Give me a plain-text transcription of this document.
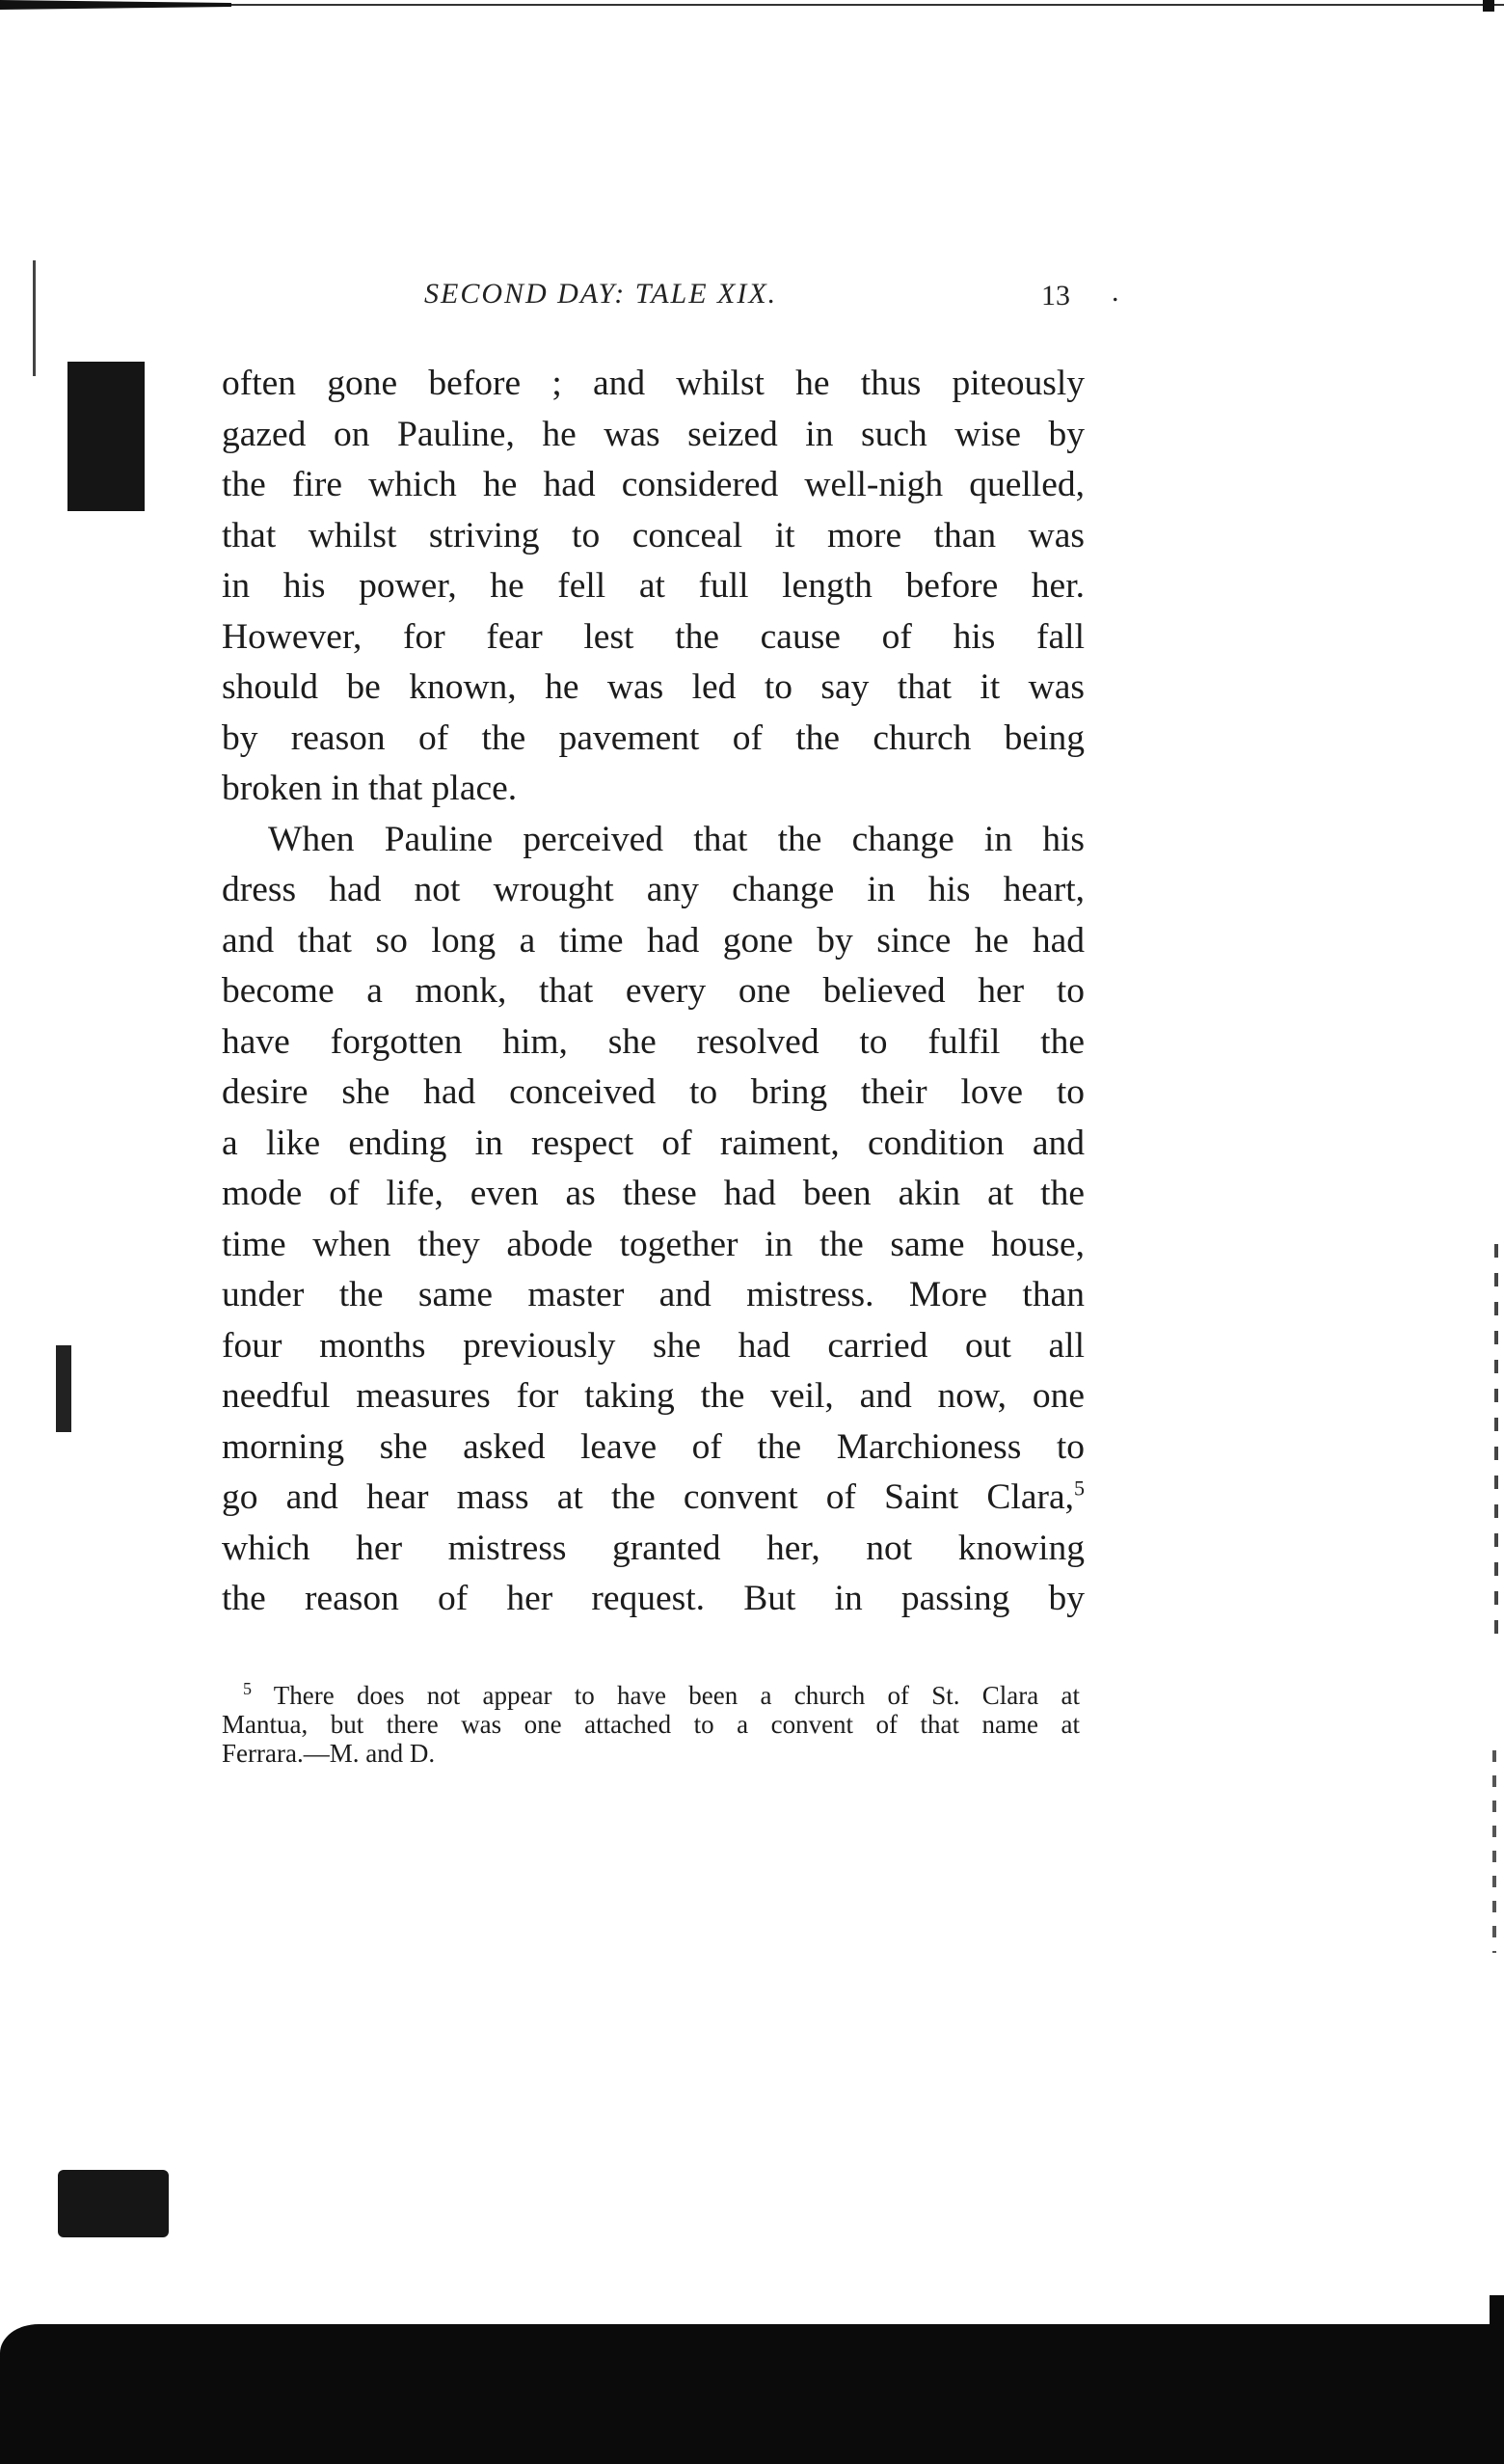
SECOND DAY: TALE XIX.	13 .
often gone before ; and whilst he thus piteously
gazed on Pauline, he was seized in such wise by
the fire which he had considered well-nigh quelled,
that whilst striving to conceal it more than was
in his power, he fell at full length before her.
However, for fear lest the cause of his fall
should be known, he was led to say that it was
by reason of the pavement of the church being
broken in that place.
When Pauline perceived that the change in his
dress had not wrought any change in his heart,
and that so long a time had gone by since he had
become a monk, that every one believed her to
have forgotten him, she resolved to fulfil the
desire she had conceived to bring their love to
a like ending in respect of raiment, condition and
mode of life, even as these had been akin at the
time when they abode together in the same house,
under the same master and mistress. More than
four months previously she had carried out all
needful measures for taking the veil, and now, one
morning she asked leave of the Marchioness to
go and hear mass at the convent of Saint Clara,$^5$
which her mistress granted her, not knowing
the reason of her request. But in passing by
$^5$ There does not appear to have been a church of St. Clara at
Mantua, but there was one attached to a convent of that name at
Ferrara.—M. and D.
